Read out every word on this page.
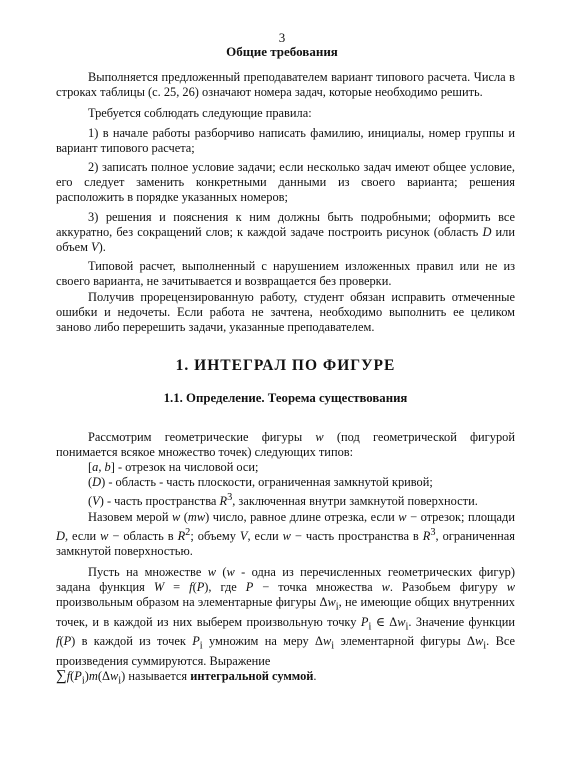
3
Общие требования

Выполняется предложенный преподавателем вариант типового расчета. Числа в строках таблицы (с. 25, 26) означают номера задач, которые необходимо решить.

Требуется соблюдать следующие правила:

1) в начале работы разборчиво написать фамилию, инициалы, номер группы и вариант типового расчета;

2) записать полное условие задачи; если несколько задач имеют общее условие, его следует заменить конкретными данными из своего варианта; решения расположить в порядке указанных номеров;

3) решения и пояснения к ним должны быть подробными; оформить все аккуратно, без сокращений слов; к каждой задаче построить рисунок (область D или объем V).

Типовой расчет, выполненный с нарушением изложенных правил или не из своего варианта, не зачитывается и возвращается без проверки.

Получив прорецензированную работу, студент обязан исправить отмеченные ошибки и недочеты. Если работа не зачтена, необходимо выполнить ее целиком заново либо перерешить задачи, указанные преподавателем.

1. ИНТЕГРАЛ ПО ФИГУРЕ
1.1. Определение. Теорема существования

Рассмотрим геометрические фигуры w (под геометрической фигурой понимается всякое множество точек) следующих типов:

[a, b] - отрезок на числовой оси;

(D) - область - часть плоскости, ограниченная замкнутой кривой;

(V) - часть пространства $R^3$, заключенная внутри замкнутой поверхности.

Назовем мерой w (mw) число, равное длине отрезка, если w − отрезок; площади D, если w − область в $R^2$; объему V, если w − часть пространства в $R^3$, ограниченная замкнутой поверхностью.

Пусть на множестве w (w - одна из перечисленных геометрических фигур) задана функция W = f(P), где P − точка множества w. Разобьем фигуру w произвольным образом на элементарные фигуры $\Delta w_i$, не имеющие общих внутренних точек, и в каждой из них выберем произвольную точку $P_i$ ∈ $\Delta w_i$. Значение функции f(P) в каждой из точек $P_i$ умножим на меру $\Delta w_i$ элементарной фигуры $\Delta w_i$. Все произведения суммируются. Выражение
$\sum f(P_i)m(\Delta w_i)$ называется интегральной суммой.
